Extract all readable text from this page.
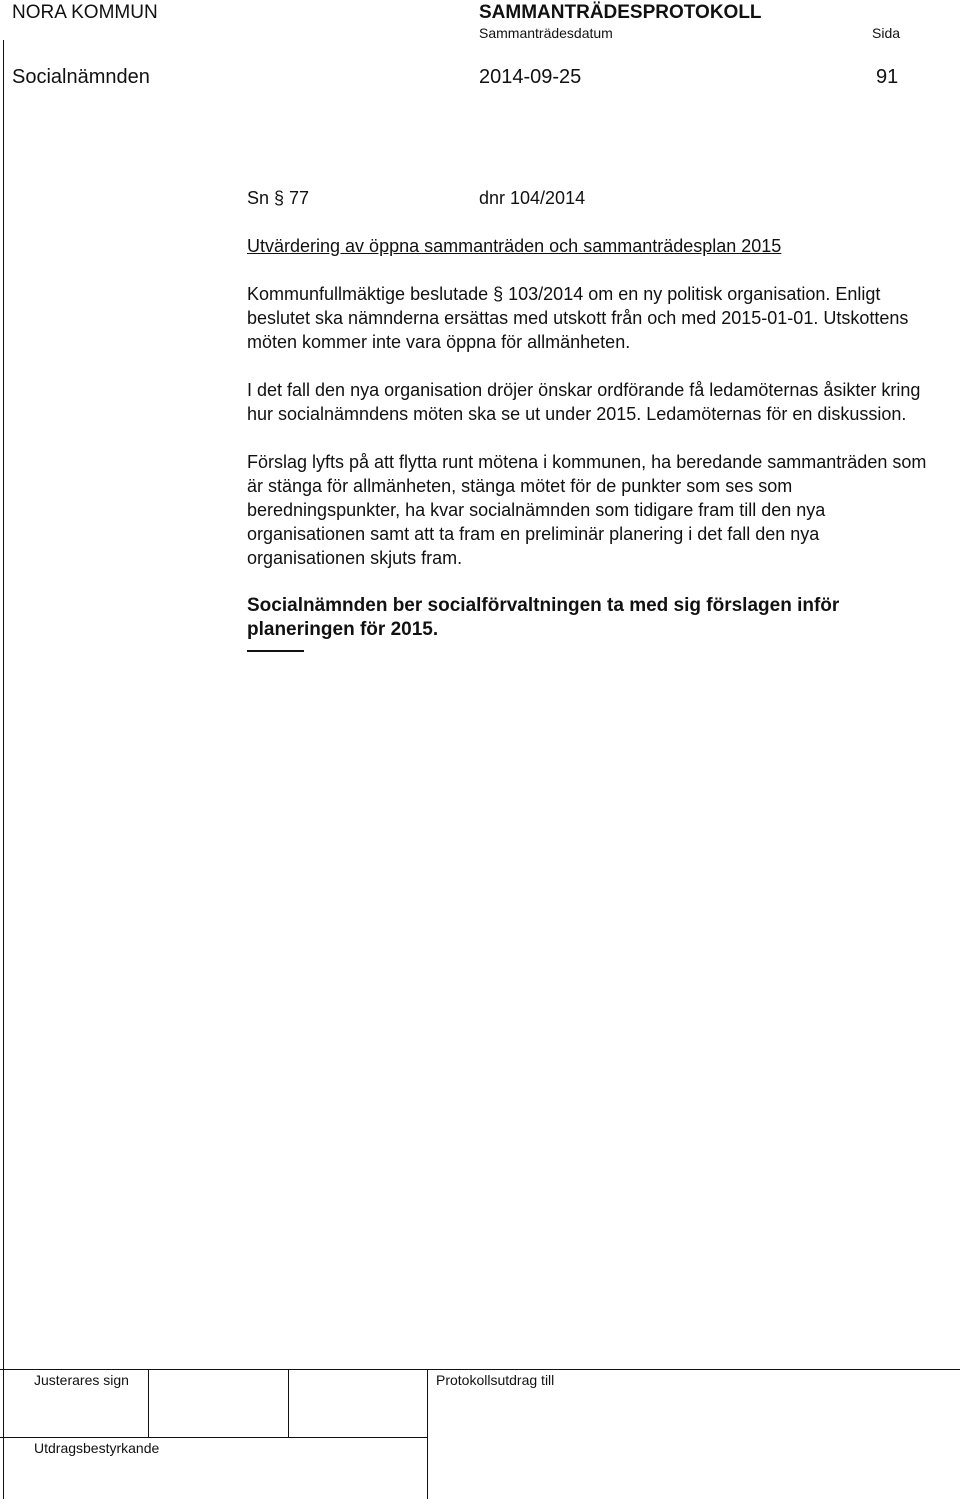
NORA KOMMUN	SAMMANTRÄDESPROTOKOLL
Sammanträdesdatum	Sida
Socialnämnden	2014-09-25	91
Sn § 77	dnr 104/2014
Utvärdering av öppna sammanträden och sammanträdesplan 2015

Kommunfullmäktige beslutade § 103/2014 om en ny politisk organisation. Enligt beslutet ska nämnderna ersättas med utskott från och med 2015-01-01. Utskottens möten kommer inte vara öppna för allmänheten.

I det fall den nya organisation dröjer önskar ordförande få ledamöternas åsikter kring hur socialnämndens möten ska se ut under 2015. Ledamöternas för en diskussion.

Förslag lyfts på att flytta runt mötena i kommunen, ha beredande sammanträden som är stänga för allmänheten, stänga mötet för de punkter som ses som beredningspunkter, ha kvar socialnämnden som tidigare fram till den nya organisationen samt att ta fram en preliminär planering i det fall den nya organisationen skjuts fram.

Socialnämnden ber socialförvaltningen ta med sig förslagen inför planeringen för 2015.

Justerares sign	Protokollsutdrag till
Utdragsbestyrkande
